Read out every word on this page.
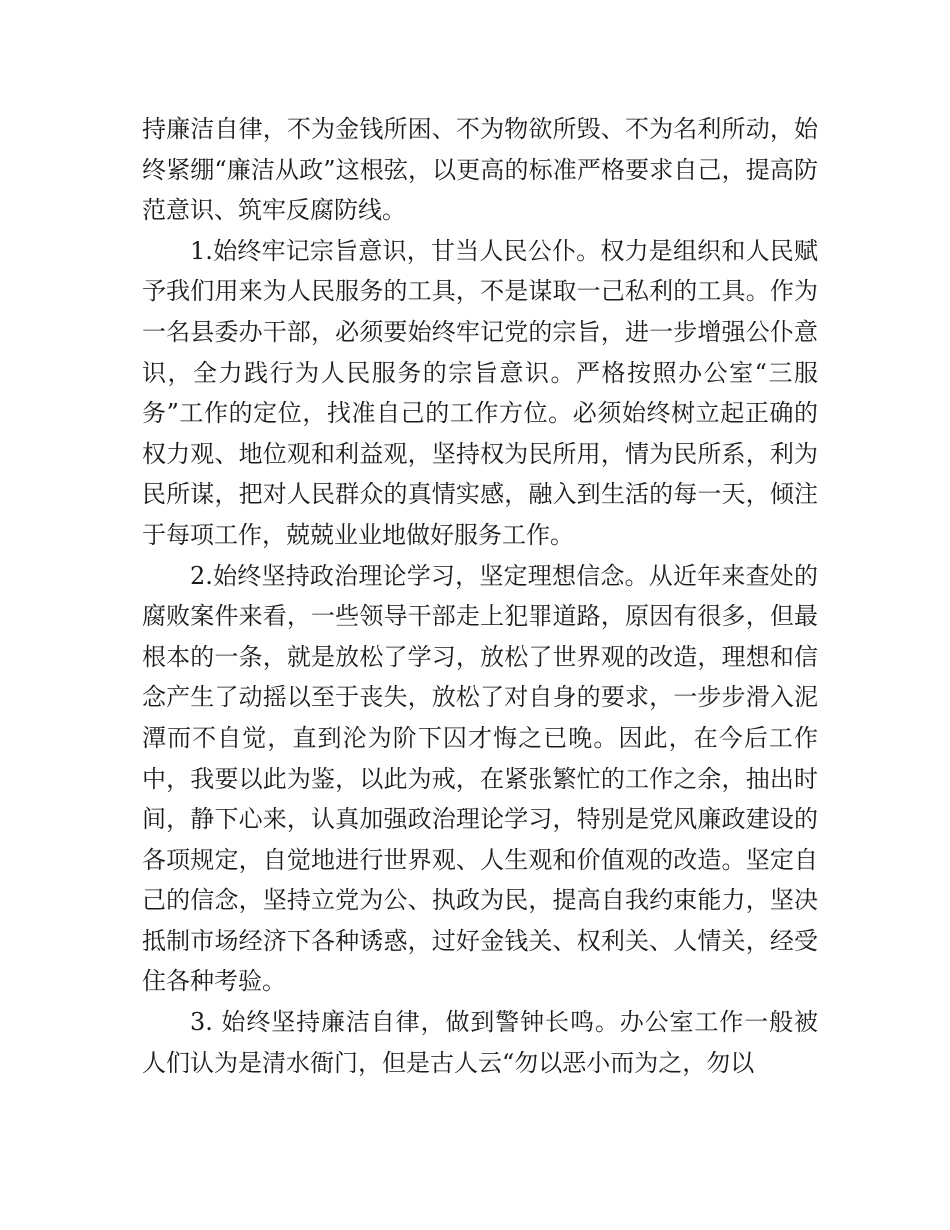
持廉洁自律，不为金钱所困、不为物欲所毁、不为名利所动，始终紧绷“廉洁从政”这根弦，以更高的标准严格要求自己，提高防范意识、筑牢反腐防线。

1.始终牢记宗旨意识，甘当人民公仆。权力是组织和人民赋予我们用来为人民服务的工具，不是谋取一己私利的工具。作为一名县委办干部，必须要始终牢记党的宗旨，进一步增强公仆意识，全力践行为人民服务的宗旨意识。严格按照办公室“三服务”工作的定位，找准自己的工作方位。必须始终树立起正确的权力观、地位观和利益观，坚持权为民所用，情为民所系，利为民所谋，把对人民群众的真情实感，融入到生活的每一天，倾注于每项工作，兢兢业业地做好服务工作。

2.始终坚持政治理论学习，坚定理想信念。从近年来查处的腐败案件来看，一些领导干部走上犯罪道路，原因有很多，但最根本的一条，就是放松了学习，放松了世界观的改造，理想和信念产生了动摇以至于丧失，放松了对自身的要求，一步步滑入泥潭而不自觉，直到沦为阶下囚才悔之已晚。因此，在今后工作中，我要以此为鉴，以此为戒，在紧张繁忙的工作之余，抽出时间，静下心来，认真加强政治理论学习，特别是党风廉政建设的各项规定，自觉地进行世界观、人生观和价值观的改造。坚定自己的信念，坚持立党为公、执政为民，提高自我约束能力，坚决抵制市场经济下各种诱惑，过好金钱关、权利关、人情关，经受住各种考验。

3. 始终坚持廉洁自律，做到警钟长鸣。办公室工作一般被人们认为是清水衙门，但是古人云“勿以恶小而为之，勿以
